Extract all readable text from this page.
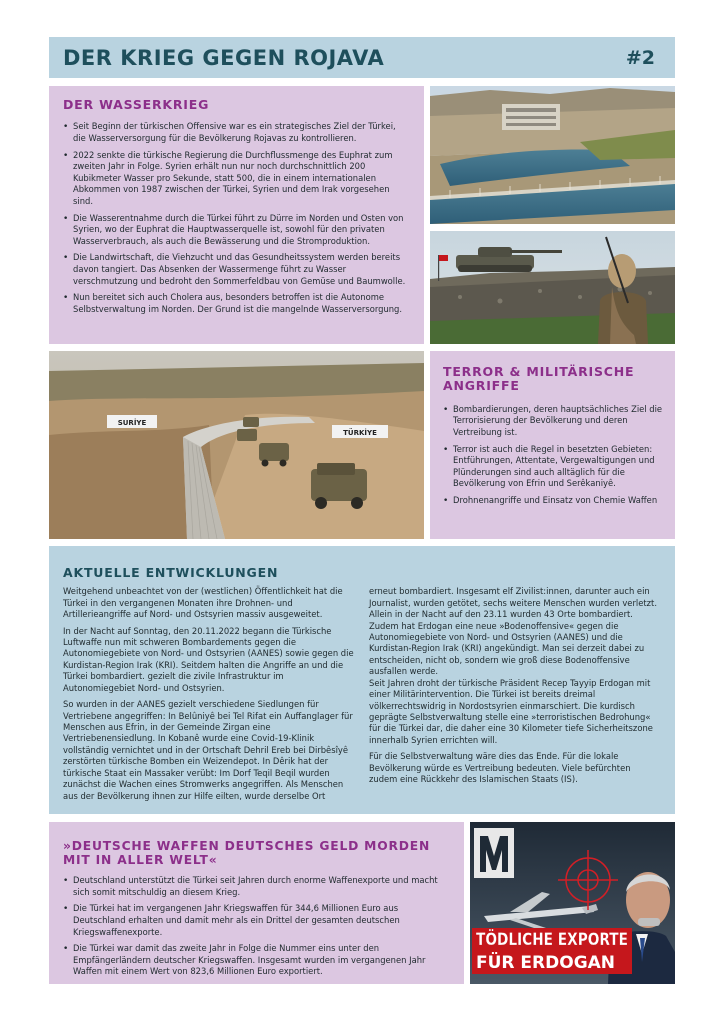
DER KRIEG GEGEN ROJAVA	#2
DER WASSERKRIEG
• Seit Beginn der türkischen Offensive war es ein strategisches Ziel der Türkei, die Wasserversorgung für die Bevölkerung Rojavas zu kontrollieren.
• 2022 senkte die türkische Regierung die Durchflussmenge des Euphrat zum zweiten Jahr in Folge. Syrien erhält nun nur noch durchschnittlich 200 Kubikmeter Wasser pro Sekunde, statt 500, die in einem internationalen Abkommen von 1987 zwischen der Türkei, Syrien und dem Irak vorgesehen sind.
• Die Wasserentnahme durch die Türkei führt zu Dürre im Norden und Osten von Syrien, wo der Euphrat die Hauptwasserquelle ist, sowohl für den privaten Wasserverbrauch, als auch die Bewässerung und die Stromproduktion.
• Die Landwirtschaft, die Viehzucht und das Gesundheitssystem werden bereits davon tangiert. Das Absenken der Wassermenge führt zu Wasser verschmutzung und bedroht den Sommerfeldbau von Gemüse und Baumwolle.
• Nun bereitet sich auch Cholera aus, besonders betroffen ist die Autonome Selbstverwaltung im Norden. Der Grund ist die mangelnde Wasserversorgung.
SURİYE
TÜRKİYE
TERROR & MILITÄRISCHE ANGRIFFE
• Bombardierungen, deren hauptsächliches Ziel die Terrorisierung der Bevölkerung und deren Vertreibung ist.
• Terror ist auch die Regel in besetzten Gebieten: Entführungen, Attentate, Vergewaltigungen und Plünderungen sind auch alltäglich für die Bevölkerung von Efrin und Serêkaniyê.
• Drohnenangriffe und Einsatz von Chemie Waffen
AKTUELLE ENTWICKLUNGEN

Weitgehend unbeachtet von der (westlichen) Öffentlichkeit hat die Türkei in den vergangenen Monaten ihre Drohnen- und Artillerieangriffe auf Nord- und Ostsyrien massiv ausgeweitet.

In der Nacht auf Sonntag, den 20.11.2022 begann die Türkische Luftwaffe nun mit schweren Bombardements gegen die Autonomiegebiete von Nord- und Ostsyrien (AANES) sowie gegen die Kurdistan-Region Irak (KRI). Seitdem halten die Angriffe an und die Türkei bombardiert. gezielt die zivile Infrastruktur im Autonomiegebiet Nord- und Ostsyrien.

So wurden in der AANES gezielt verschiedene Siedlungen für Vertriebene angegriffen: In Belûniyê bei Tel Rifat ein Auffanglager für Menschen aus Efrin, in der Gemeinde Zirgan eine Vertriebenensiedlung. In Kobanê wurde eine Covid-19-Klinik vollständig vernichtet und in der Ortschaft Dehril Ereb bei Dirbêsîyê zerstörten türkische Bomben ein Weizendepot. In Dêrik hat der türkische Staat ein Massaker verübt: Im Dorf Teqil Beqil wurden zunächst die Wachen eines Stromwerks angegriffen. Als Menschen aus der Bevölkerung ihnen zur Hilfe eilten, wurde derselbe Ort

erneut bombardiert. Insgesamt elf Zivilist:innen, darunter auch ein Journalist, wurden getötet, sechs weitere Menschen wurden verletzt. Allein in der Nacht auf den 23.11 wurden 43 Orte bombardiert.
Zudem hat Erdogan eine neue »Bodenoffensive« gegen die Autonomiegebiete von Nord- und Ostsyrien (AANES) und die Kurdistan-Region Irak (KRI) angekündigt. Man sei derzeit dabei zu entscheiden, nicht ob, sondern wie groß diese Bodenoffensive ausfallen werde.
Seit Jahren droht der türkische Präsident Recep Tayyip Erdogan mit einer Militärintervention. Die Türkei ist bereits dreimal völkerrechtswidrig in Nordostsyrien einmarschiert. Die kurdisch geprägte Selbstverwaltung stelle eine »terroristischen Bedrohung« für die Türkei dar, die daher eine 30 Kilometer tiefe Sicherheitszone innerhalb Syrien errichten will.

Für die Selbstverwaltung wäre dies das Ende. Für die lokale Bevölkerung würde es Vertreibung bedeuten. Viele befürchten zudem eine Rückkehr des Islamischen Staats (IS).

»DEUTSCHE WAFFEN DEUTSCHES GELD MORDEN MIT IN ALLER WELT«
• Deutschland unterstützt die Türkei seit Jahren durch enorme Waffenexporte und macht sich somit mitschuldig an diesem Krieg.
• Die Türkei hat im vergangenen Jahr Kriegswaffen für 344,6 Millionen Euro aus Deutschland erhalten und damit mehr als ein Drittel der gesamten deutschen Kriegswaffenexporte.
• Die Türkei war damit das zweite Jahr in Folge die Nummer eins unter den Empfängerländern deutscher Kriegswaffen. Insgesamt wurden im vergangenen Jahr Waffen mit einem Wert von 823,6 Millionen Euro exportiert.
TÖDLICHE EXPORTE
FÜR ERDOGAN
